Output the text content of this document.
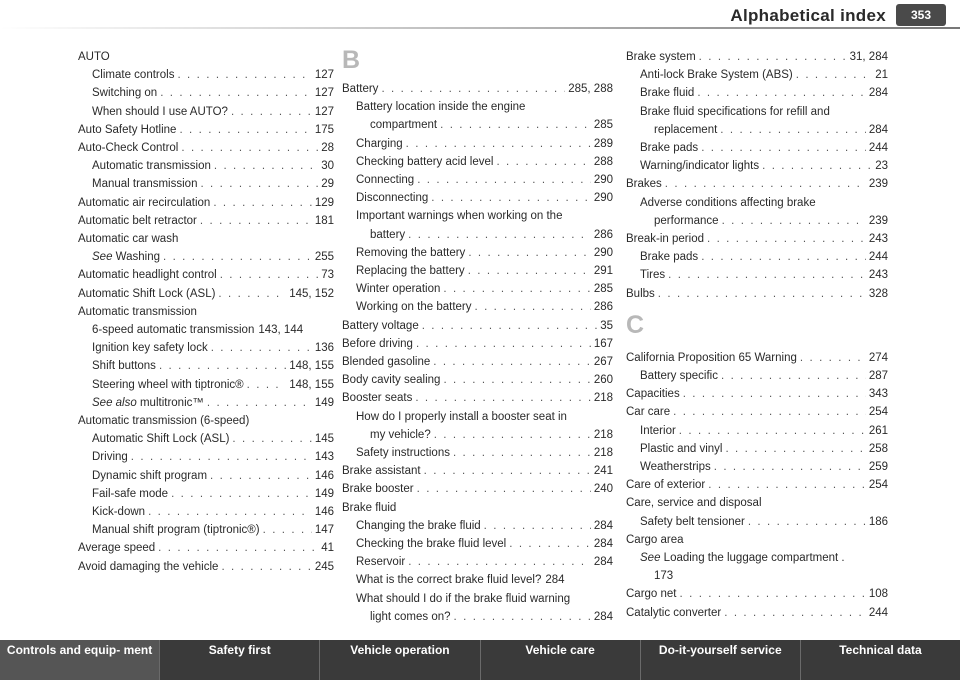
Alphabetical index	353
AUTO
Climate controls . . .	127
Switching on . . .	127
When should I use AUTO? . . .	127
Auto Safety Hotline . . .	175
Auto-Check Control . . .	28
Automatic transmission . . .	30
Manual transmission . . .	29
Automatic air recirculation . . .	129
Automatic belt retractor . . .	181
Automatic car wash
See Washing . . .	255
Automatic headlight control . . .	73
Automatic Shift Lock (ASL) . . .	145, 152
Automatic transmission
6-speed automatic transmission 143, 144
Ignition key safety lock . . .	136
Shift buttons . . .	148, 155
Steering wheel with tiptronic® . . .	148, 155
See also multitronic™ . . .	149
Automatic transmission (6-speed)
Automatic Shift Lock (ASL) . . .	145
Driving . . .	143
Dynamic shift program . . .	146
Fail-safe mode . . .	149
Kick-down . . .	146
Manual shift program (tiptronic®) . . .	147
Average speed . . .	41
Avoid damaging the vehicle . . .	245
B
Battery . . .	285, 288
Battery location inside the engine
compartment . . .	285
Charging . . .	289
Checking battery acid level . . .	288
Connecting . . .	290
Disconnecting . . .	290
Important warnings when working on the
battery . . .	286
Removing the battery . . .	290
Replacing the battery . . .	291
Winter operation . . .	285
Working on the battery . . .	286
Battery voltage . . .	35
Before driving . . .	167
Blended gasoline . . .	267
Body cavity sealing . . .	260
Booster seats . . .	218
How do I properly install a booster seat in
my vehicle? . . .	218
Safety instructions . . .	218
Brake assistant . . .	241
Brake booster . . .	240
Brake fluid
Changing the brake fluid . . .	284
Checking the brake fluid level . . .	284
Reservoir . . .	284
What is the correct brake fluid level? 284
What should I do if the brake fluid warning
light comes on? . . .	284
Brake system . . .	31, 284
Anti-lock Brake System (ABS) . . .	21
Brake fluid . . .	284
Brake fluid specifications for refill and
replacement . . .	284
Brake pads . . .	244
Warning/indicator lights . . .	23
Brakes . . .	239
Adverse conditions affecting brake
performance . . .	239
Break-in period . . .	243
Brake pads . . .	244
Tires . . .	243
Bulbs . . .	328
C
California Proposition 65 Warning . . .	274
Battery specific . . .	287
Capacities . . .	343
Car care . . .	254
Interior . . .	261
Plastic and vinyl . . .	258
Weatherstrips . . .	259
Care of exterior . . .	254
Care, service and disposal
Safety belt tensioner . . .	186
Cargo area
See Loading the luggage compartment .
173
Cargo net . . .	108
Catalytic converter . . .	244
Controls and equip- ment	Safety first	Vehicle operation	Vehicle care	Do-it-yourself service	Technical data
